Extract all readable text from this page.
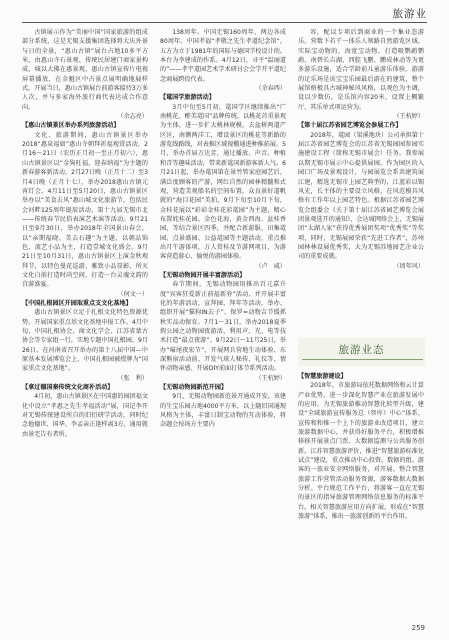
旅游业

古镇展示作为“美丽中国”国家旅游的组成部分系统，这是无锡支援集团选择将大庆外景与日的全景，“惠山古镇”展台占地10多平方米，由惠山寺石景观、传统民居建门商家景构成，城以大佛在惠景观，惠山古镇宣传片电视屏幕播放，在金魁区中占景点展明确地展样式。开展当日，惠山古镇展台前游客接待3万多人次，并与多家海外旅行商代表达成合作意向。

（余志亮）
【惠山古镇景区举办系列旅游活动】

文化、旅游期间，惠山古镇景区举办2018“惠泉福如”惠山寺朝拜祈福观赏活动，2月16～21日（农历正月初一至正月初六），惠山古镇景区以“金狗旺福，迎春纳福”为主题的新春游客新活动，2月27日晚（正月十二）至3月4日晚（正月十七），举办2018惠山古镇元宵灯会。4月11日至5月20日，惠山古镇景区举办以“美食去风”惠山城文化旅游节，包括民会河畔125周年诞辰活动、第十九届无锡市北——传统春节民俗表演艺术演等活动。9月21日至9月30日，举办2018年全国景山春会，以“亲期福晓、美去石趣”为主题，以朝品饰色、流艺小品为主，打造壹城文化盛会。9月21日至10月31日，惠山古镇景区上演金秋观拜节，以特色曼花巡游、雅致小品显影，所灭文化白前打造时尚空间，打造一台灵魂文韵的宫游盛宴。

（何文一）
【中国扎根园区开园取重点支文化基地】

惠山古镇景区立足于扎根文化特色资源优势，开展国家重点基文化基地申报工作。4月中旬，中国扎根协会、商文化学会、江苏省蒙古协会等专家组一行，实地专题中国扎根园。9月26日，在河南省召开举办的第十八届中国—中原基本发展博览会上，中国扎根园被授牌为“国家重点文化基地”。

（张　利）
【拿过德国秦传统文化商补活动】

4月初，惠山古镇景区在中国惠的园团福文化中设立“孝惠之先生孝福活动”展，国记李开对无锡传统建设所自的旧衍研学活动，同时纪念他德世、国华、李孟亲正逢样离3方，通用就由景宅告有者所。

138周年。中国无锡160周年，两边各成80周年。中国孝福“孝敬之先生孝道纪念馆”，五方为立于1981年的国际与德国学校设计的。本台为李建成的作系。4月12日，寻平“温丽道的”——孝宇道园艺术学术研讨会会学开平道纪念商展跨投代表。

（余春西）
【鼋国学旅游活动】

3月中旬至5月初，鼋国学区继续推出“广南桃花、醉美鼋国”品牌传统，以桃花首重景观为主体，进一步扩大桃林规模，去盆树两道产区区，南侧两洋工，增设景区的桃花等新路的游览线路线，对表推区域视棚通进种推拓展。5月，举办首届万达芳，通过播放、声音、种植和青等趣味活动，带来新鼋国新游客新人气。6月21日起，举办鼋国第在景竹管家庭园艺后，满泛度顾客的产游，网红自然的园林精髓和式观、营造美观船名的空间布置。众良景好道帆就的“海目花园”美拍，9月下旬至10月下旬，金桂花展以“彩彩金桂花彩鼋园”为主题，精心布置姹桂花园、金色花海，黄金西海、盆桂香园，等结合景区四季，并配合新游服、田集鼋园、点景盛园、公益鼋园等主题活动，重点推出月午游体项，万人赏桂及节游网项目，为游客营造游心、愉悦的游园体验。

（卢　咸）
【无锡动物园开展丰富游活动】

春节期间，无锡动物园用推出百元嘉升度“宾客狂爱新正前福新券”活动，并开展丰富化的年游活动，宣拜园、拜年等活动，举办、组织开展“猫狗IN去子”、保罗=动物吉节缓抓秋实品动保育。7月1～31日，举办2018夏季假公园之动物园夜游活，利用声、光、电等技术打造“最点夜游”。9月22日～11月25日，举办“喵尾夜宏节”，开展网兵营地生动体验、东深熊宿活动前、开发气球人秘传、礼仪等、情怀动物亲感、开展DIY前面打体节系列活动。

（王杭婷）
【无锡动物园新范开园】

9月，无锡动物园新范景开通成开发、该建的生宝乐园占地4000平方米，以上随旧国通现风格为主体，丰富日制宝动物的互动体验，将杂题会按场方主要内

容，配以专项后到商业的一个集业态游乐。营数下若干一体乐人领路自然游览区域，实际宝动物的，海宽宝动物、打造吸鹦鹉鹦鹉，南碧长吉湖、西腔飞鹏、鹏成林动等为更多游乐设施，适合学龄前儿童游乐体验。游游的足乐场是该宝宝乐园最后游在的建筑，整个展馆格极具古城神秘风风格，以观色为主调，设以少数仿，是乐馆内容20米，设置上概繁厅，其乐单式项运营为。

（王杭婷）
【第十届江苏省园艺博览会参展工作】

2018年，鼋园（梁溪地块）公司承担第十届江苏省园艺博览会的江苏省无锡园园参园实施建设工程（简称无锡市展会）任务。我参展以期无锡市展示中心提供展园，作为园区的入园口广场及景观设计，与园展览会系共建筑展江建，精选无锡市上园艺典型的，江蓝彩以锡风光，长主体的主要设立风格，在风范模具风格有工作年以上园艺特色。根据江苏省园艺博览会组委会《关于第十届江苏省园艺博览会展团景观选开的通知》，会达城网络会上，无锡展团“太湖人家”获得优秀展团奖项“优秀奖”等奖项，同时，无锡展园荣获“先进工作者”，苏州园林林设展优秀奖，大为无锡苏地园艺企业公司的重要成就。

（周年风）
旅游业态
【智慧旅游建设】

2018年，市旅游局依托数据网络和云计算产业优势，进一步深化智慧产业在旅游发展中的应用，为无锡旅游推动智慧化转型升级，建设“全域旅游宣传服务总（智库）中心”体系，宣传和和推一个上下的旅游业改造项目，建立旅游数据中心，并获得好服务平台，积极增推移移开展景点门票、大数据监测与公共服务创新。江苏智慧旅游评价，推进“智慧旅游标准化试点”建设，重点推动中心投资。数据的组、游客的一旅业安全网络服务，对开展、整合智慧旅游工作营管活动服务资源，游客数据大数据分析、平台规范工作平台，将游客一直在无锡的景区的指导旅游管理网络信息服务的标准平台。相关智慧旅游应用方向扩展，形成在“智慧旅游”体系，推出一旅游创新的平台作用。

259
